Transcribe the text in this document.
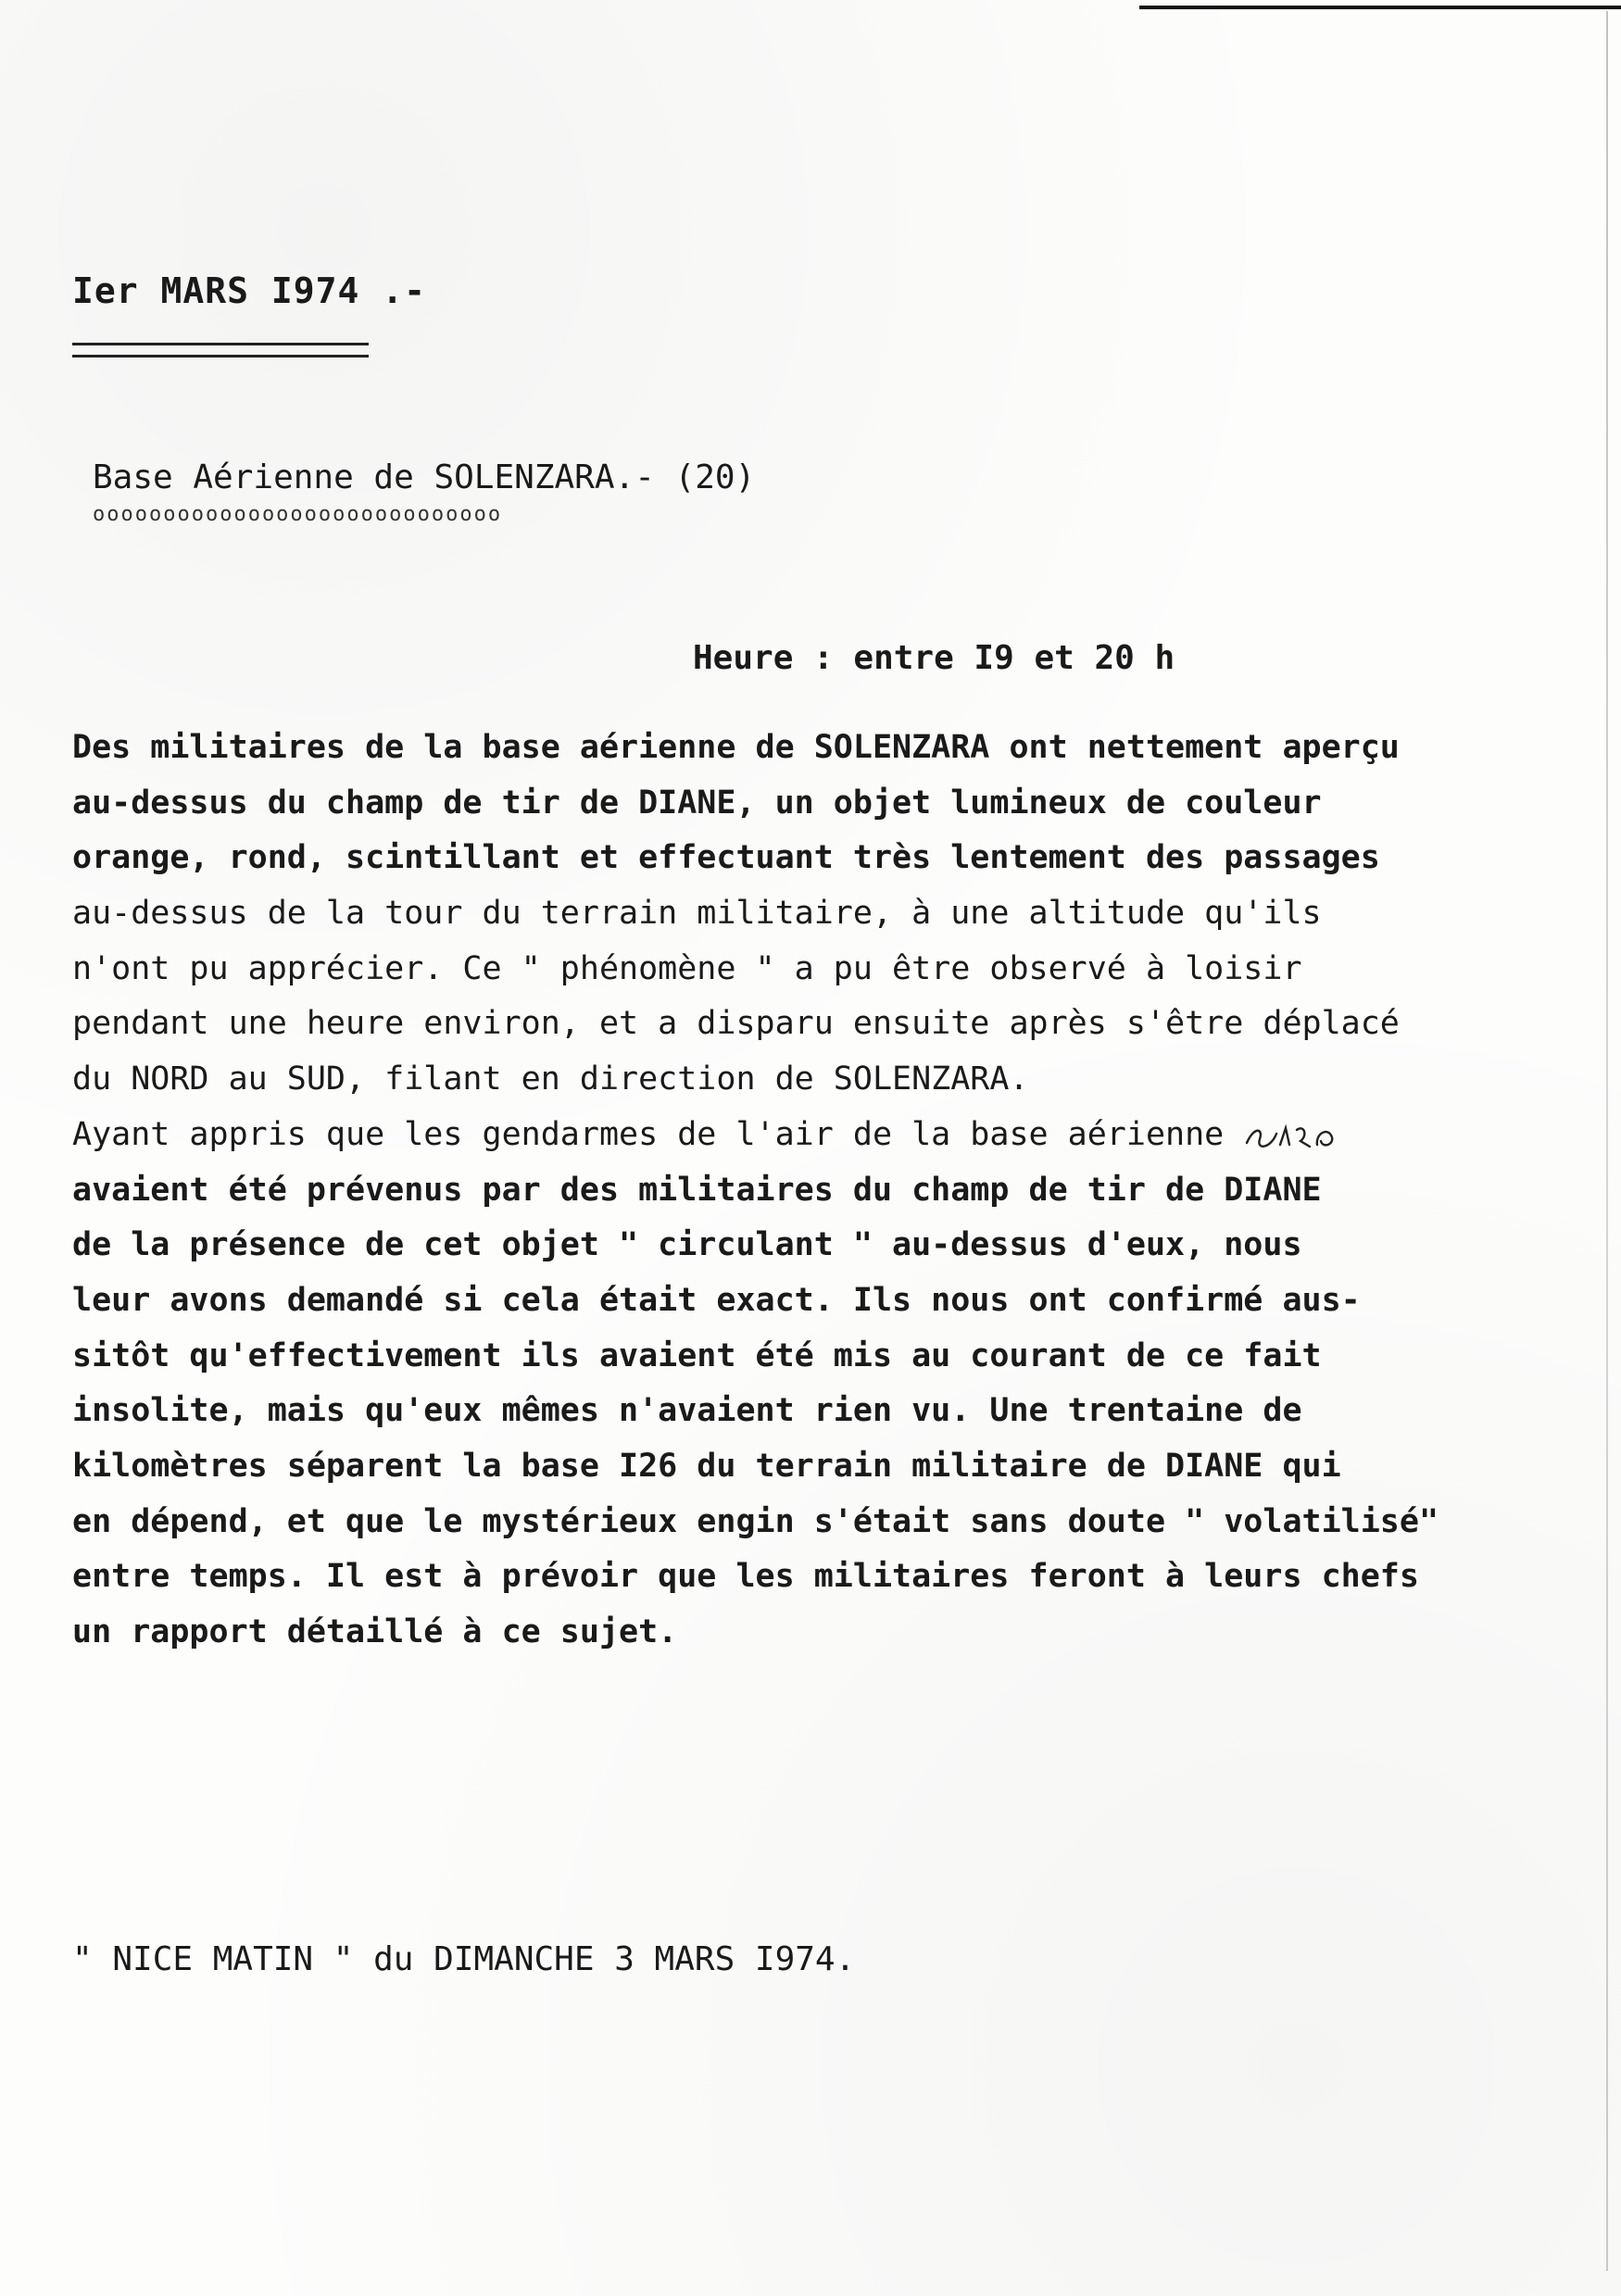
Ier MARS I974 .-
Base Aérienne de SOLENZARA.- (20)
ooooooooooooooooooooooooooooo
Heure : entre I9 et 20 h
Des militaires de la base aérienne de SOLENZARA ont nettement aperçu
au-dessus du champ de tir de DIANE, un objet lumineux de couleur
orange, rond, scintillant et effectuant très lentement des passages
au-dessus de la tour du terrain militaire, à une altitude qu'ils
n'ont pu apprécier. Ce " phénomène " a pu être observé à loisir
pendant une heure environ, et a disparu ensuite après s'être déplacé
du NORD au SUD, filant en direction de SOLENZARA.
Ayant appris que les gendarmes de l'air de la base aérienne
avaient été prévenus par des militaires du champ de tir de DIANE
de la présence de cet objet " circulant " au-dessus d'eux, nous
leur avons demandé si cela était exact. Ils nous ont confirmé aus-
sitôt qu'effectivement ils avaient été mis au courant de ce fait
insolite, mais qu'eux mêmes n'avaient rien vu. Une trentaine de
kilomètres séparent la base I26 du terrain militaire de DIANE qui
en dépend, et que le mystérieux engin s'était sans doute " volatilisé"
entre temps. Il est à prévoir que les militaires feront à leurs chefs
un rapport détaillé à ce sujet.
" NICE MATIN " du DIMANCHE 3 MARS I974.
